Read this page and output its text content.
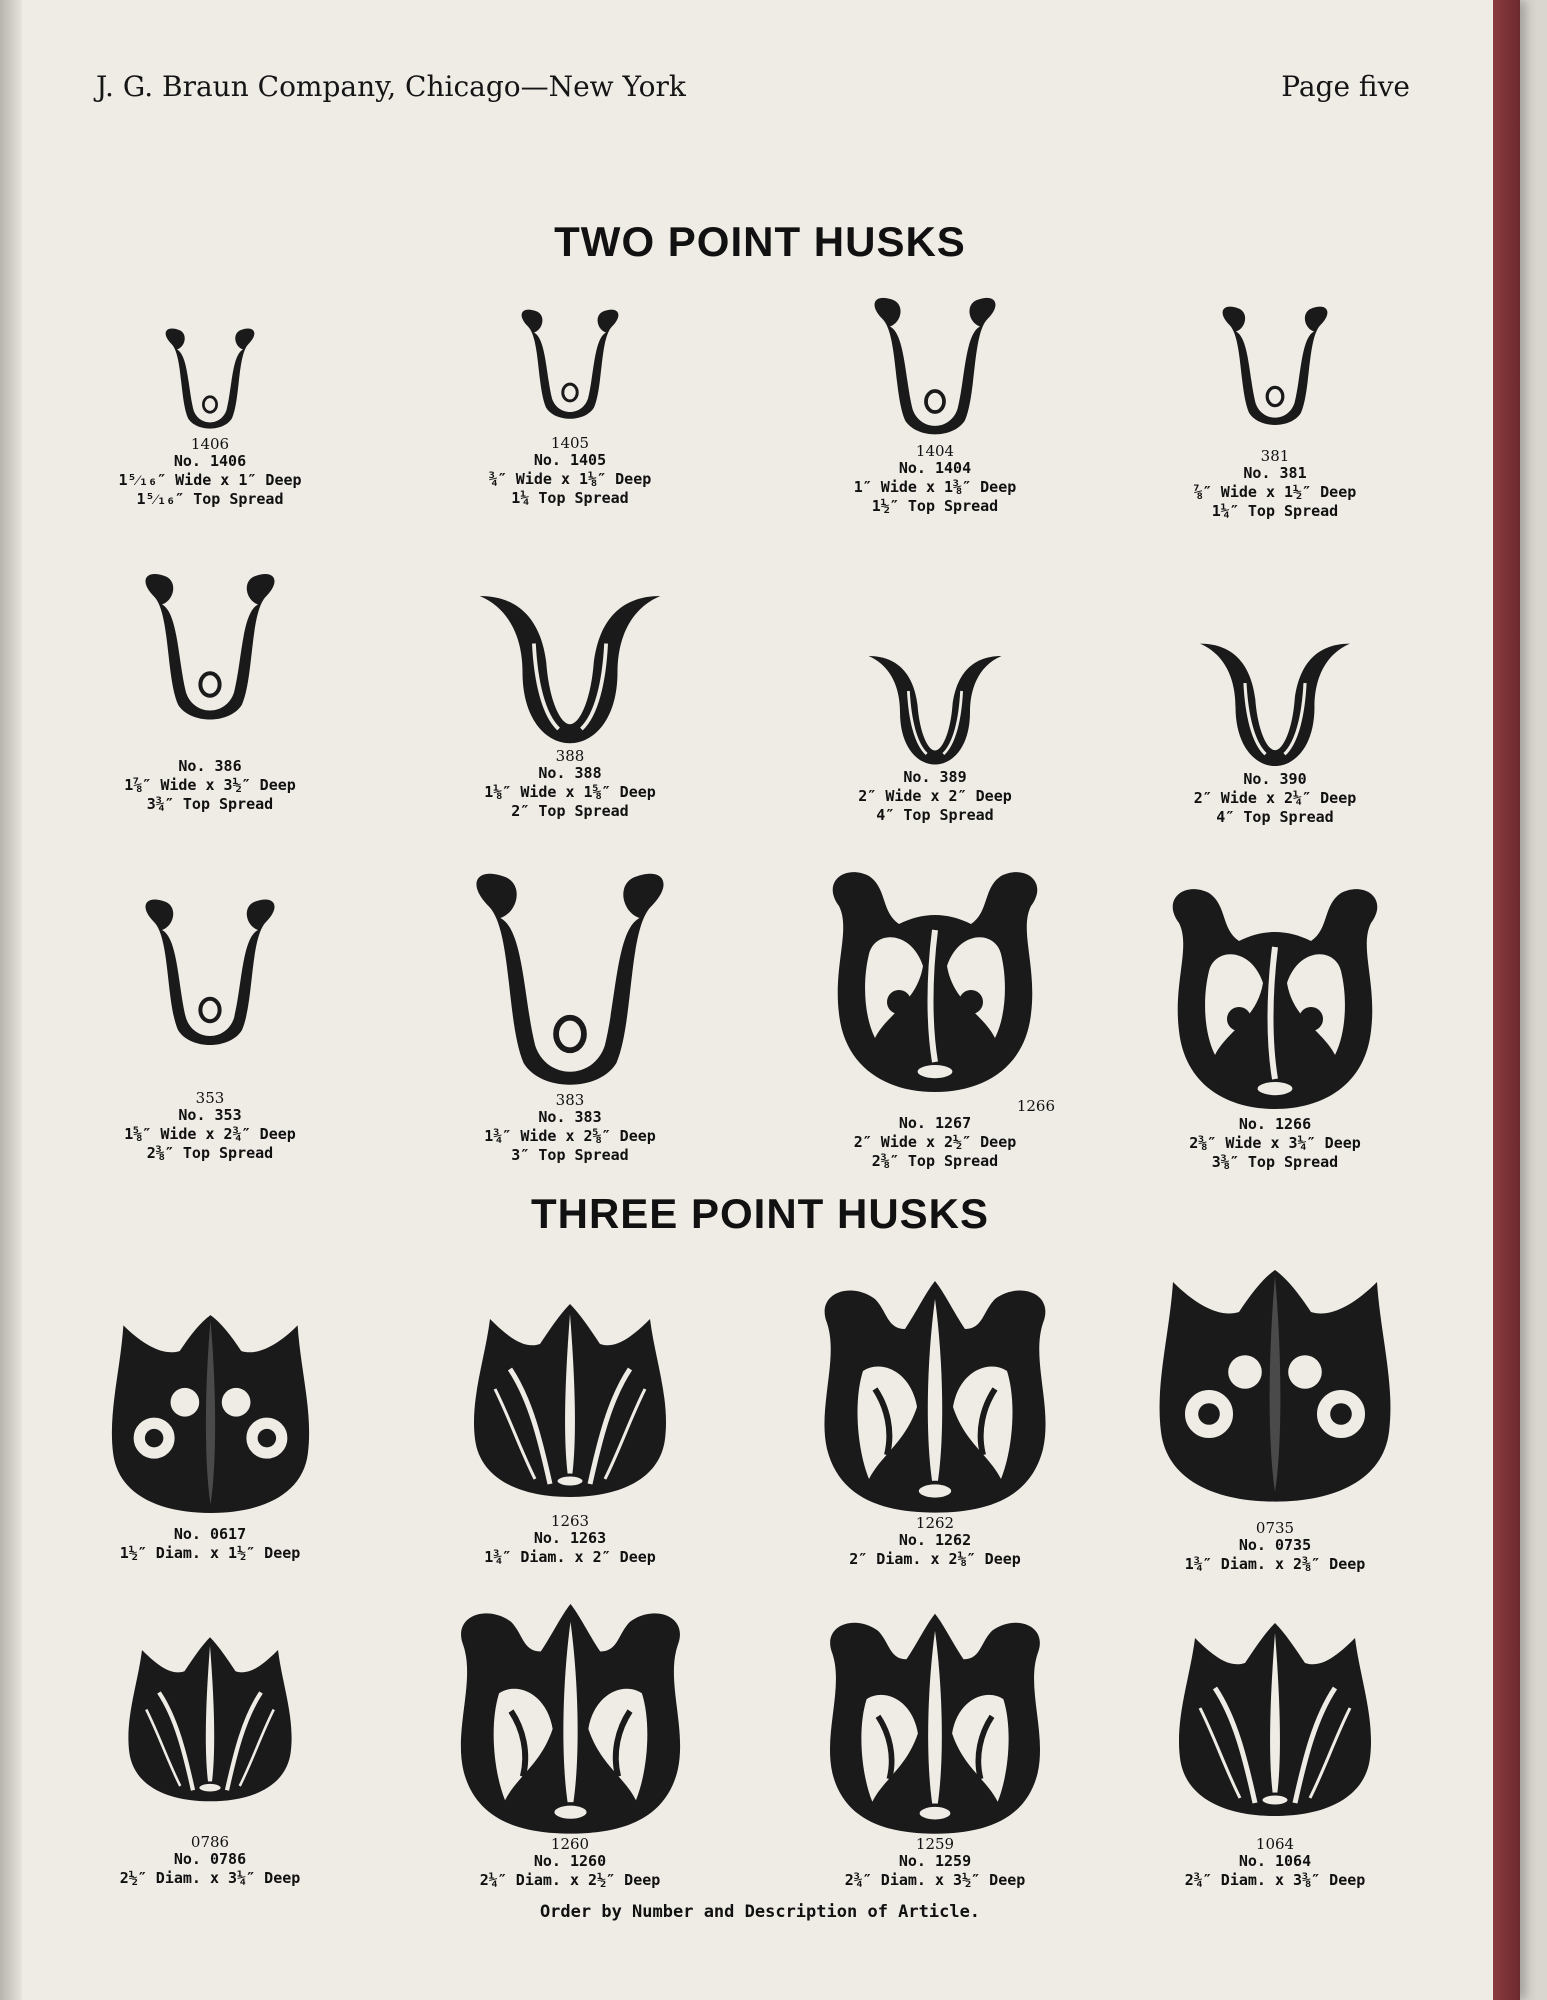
J. G. Braun Company, Chicago—New York	Page five
TWO POINT HUSKS
THREE POINT HUSKS
1406
No. 1406
1⁵⁄₁₆″ Wide x 1″ Deep
1⁵⁄₁₆″ Top Spread
1405
No. 1405
¾″ Wide x 1⅛″ Deep
1¼ Top Spread
1404
No. 1404
1″ Wide x 1⅜″ Deep
1½″ Top Spread
381
No. 381
⅞″ Wide x 1½″ Deep
1¼″ Top Spread
No. 386
1⅞″ Wide x 3½″ Deep
3¾″ Top Spread
388
No. 388
1⅛″ Wide x 1⅝″ Deep
2″ Top Spread
No. 389
2″ Wide x 2″ Deep
4″ Top Spread
No. 390
2″ Wide x 2¼″ Deep
4″ Top Spread
353
No. 353
1⅝″ Wide x 2¾″ Deep
2⅜″ Top Spread
383
No. 383
1¾″ Wide x 2⅝″ Deep
3″ Top Spread
1266
No. 1267
2″ Wide x 2½″ Deep
2⅜″ Top Spread
No. 1266
2⅜″ Wide x 3¼″ Deep
3⅜″ Top Spread
No. 0617
1½″ Diam. x 1½″ Deep
1263
No. 1263
1¾″ Diam. x 2″ Deep
1262
No. 1262
2″ Diam. x 2⅛″ Deep
0735
No. 0735
1¾″ Diam. x 2⅜″ Deep
0786
No. 0786
2½″ Diam. x 3¼″ Deep
1260
No. 1260
2¼″ Diam. x 2½″ Deep
1259
No. 1259
2¾″ Diam. x 3½″ Deep
1064
No. 1064
2¾″ Diam. x 3⅜″ Deep
Order by Number and Description of Article.
